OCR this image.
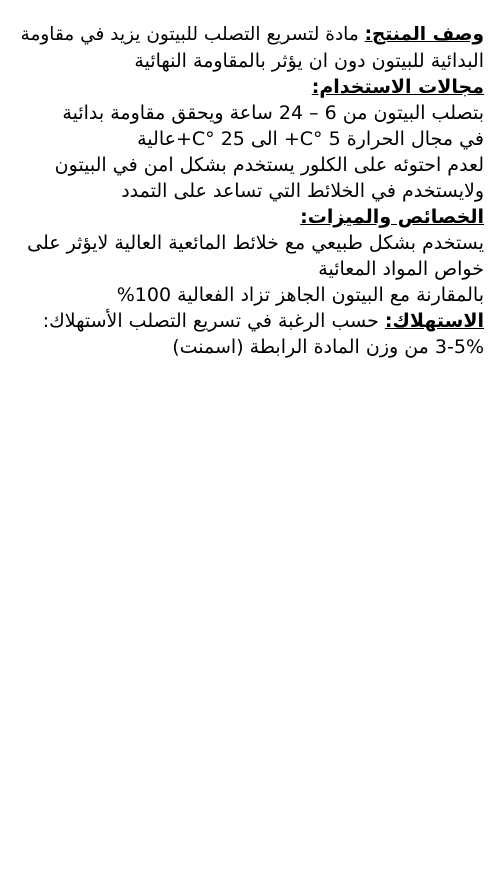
وصف المنتج: مادة لتسريع التصلب للبيتون يزيد في مقاومة

البدائية للبيتون دون ان يؤثر بالمقاومة النهائية

مجالات الاستخدام:

بتصلب البيتون من 6 – 24 ساعة ويحقق مقاومة بدائية

في مجال الحرارة C° 5+ الى C° 25+عالية

لعدم احتوئه على الكلور يستخدم بشكل امن في البيتون

ولايستخدم في الخلائط التي تساعد على التمدد

الخصائص والميزات:

يستخدم بشكل طبيعي مع خلائط المائعية العالية لايؤثر على

خواص المواد المعائية

بالمقارنة مع البيتون الجاهز تزاد الفعالية 100%

الاستهلاك: حسب الرغبة في تسريع التصلب الأستهلاك:

3-5% من وزن المادة الرابطة (اسمنت)
